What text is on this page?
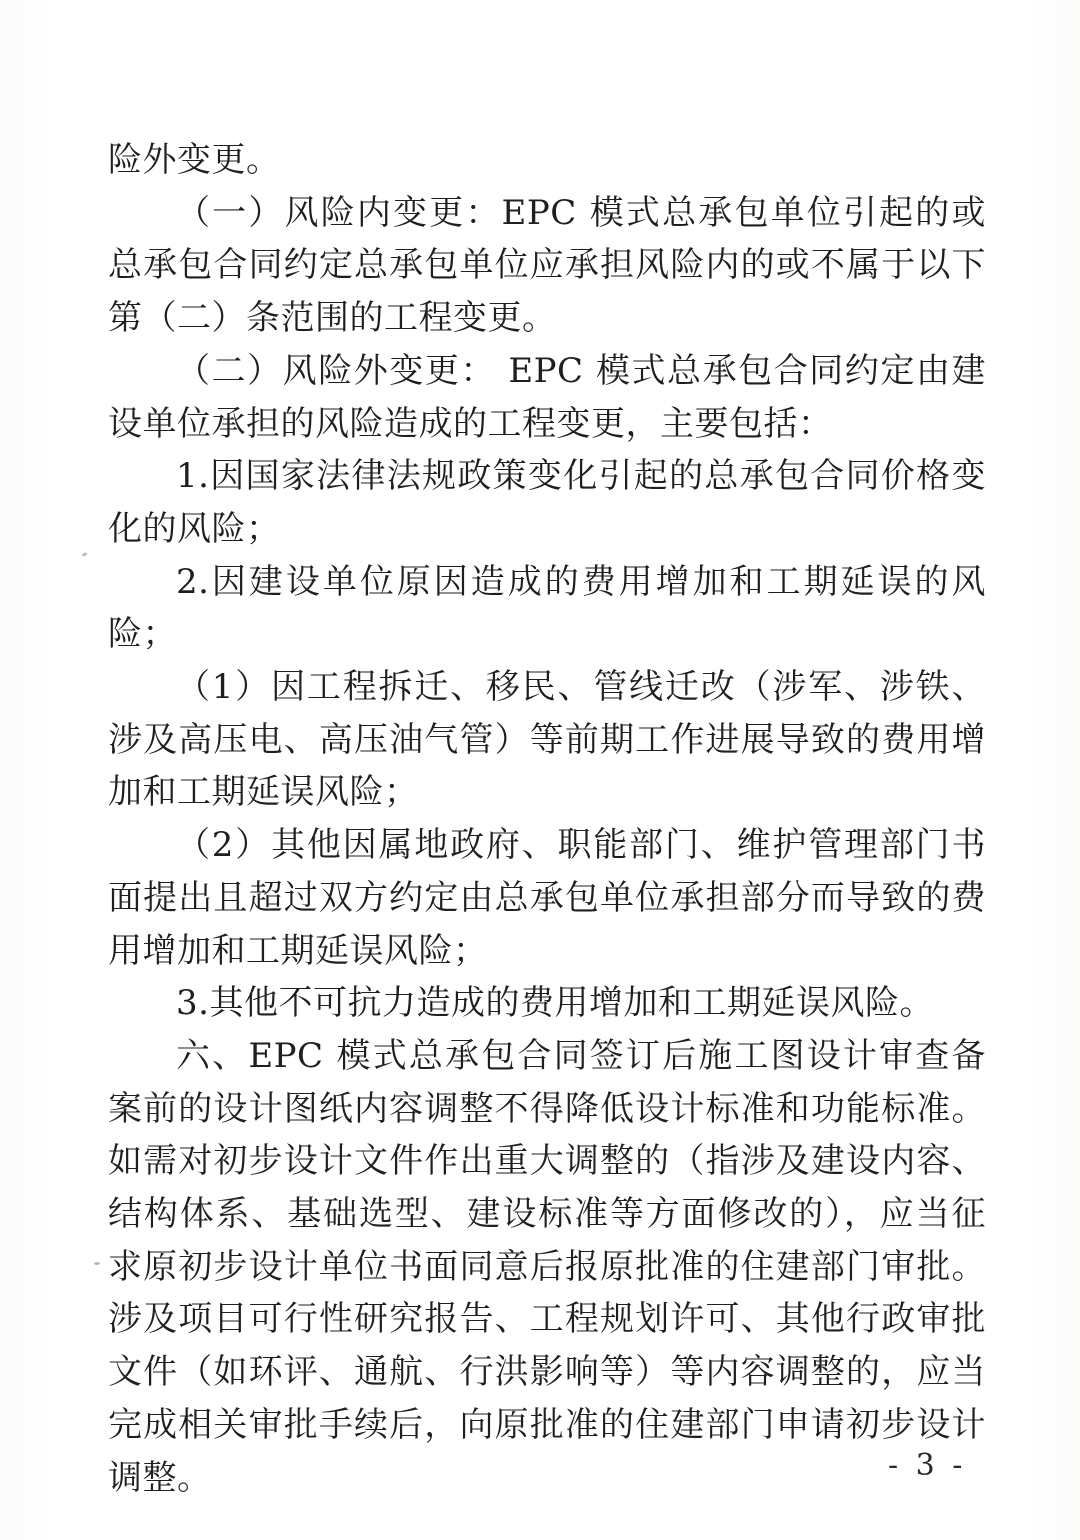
险外变更。

（一）风险内变更：EPC 模式总承包单位引起的或总承包合同约定总承包单位应承担风险内的或不属于以下第（二）条范围的工程变更。

（二）风险外变更： EPC 模式总承包合同约定由建设单位承担的风险造成的工程变更，主要包括：

1.因国家法律法规政策变化引起的总承包合同价格变化的风险；

2.因建设单位原因造成的费用增加和工期延误的风险；

（1）因工程拆迁、移民、管线迁改（涉军、涉铁、涉及高压电、高压油气管）等前期工作进展导致的费用增加和工期延误风险；

（2）其他因属地政府、职能部门、维护管理部门书面提出且超过双方约定由总承包单位承担部分而导致的费用增加和工期延误风险；

3.其他不可抗力造成的费用增加和工期延误风险。

六、EPC 模式总承包合同签订后施工图设计审查备案前的设计图纸内容调整不得降低设计标准和功能标准。如需对初步设计文件作出重大调整的（指涉及建设内容、结构体系、基础选型、建设标准等方面修改的），应当征求原初步设计单位书面同意后报原批准的住建部门审批。涉及项目可行性研究报告、工程规划许可、其他行政审批文件（如环评、通航、行洪影响等）等内容调整的，应当完成相关审批手续后，向原批准的住建部门申请初步设计调整。	- 3 -
